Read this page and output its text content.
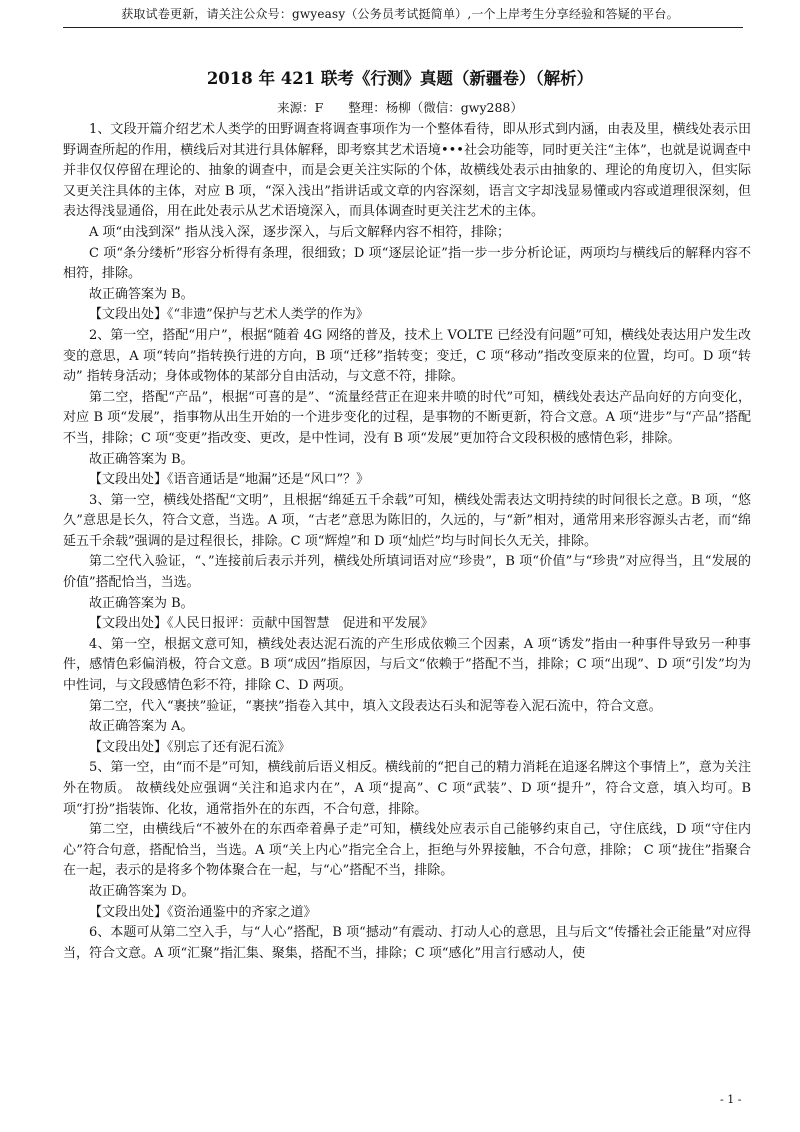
获取试卷更新，请关注公众号：gwyeasy（公务员考试挺简单）,一个上岸考生分享经验和答疑的平台。
2018 年 421 联考《行测》真题（新疆卷）（解析）
来源：F　　整理：杨柳（微信：gwy288）

1、文段开篇介绍艺术人类学的田野调查将调查事项作为一个整体看待，即从形式到内涵，由表及里，横线处表示田野调查所起的作用，横线后对其进行具体解释，即考察其艺术语境•••社会功能等，同时更关注“主体”，也就是说调查中并非仅仅停留在理论的、抽象的调查中，而是会更关注实际的个体，故横线处表示由抽象的、理论的角度切入，但实际又更关注具体的主体，对应 B 项，“深入浅出”指讲话或文章的内容深刻，语言文字却浅显易懂或内容或道理很深刻，但表达得浅显通俗，用在此处表示从艺术语境深入，而具体调查时更关注艺术的主体。

A 项“由浅到深” 指从浅入深，逐步深入，与后文解释内容不相符，排除；

C 项“条分缕析”形容分析得有条理，很细致；D 项“逐层论证”指一步一步分析论证，两项均与横线后的解释内容不相符，排除。

故正确答案为 B。

【文段出处】《“非遗”保护与艺术人类学的作为》

2、第一空，搭配“用户”，根据“随着 4G 网络的普及，技术上 VOLTE 已经没有问题”可知，横线处表达用户发生改变的意思，A 项“转向”指转换行进的方向，B 项“迁移”指转变；变迁，C 项“移动”指改变原来的位置，均可。D 项“转动” 指转身活动；身体或物体的某部分自由活动，与文意不符，排除。

第二空，搭配“产品”，根据“可喜的是”、“流量经营正在迎来井喷的时代”可知，横线处表达产品向好的方向变化，对应 B 项“发展”，指事物从出生开始的一个进步变化的过程，是事物的不断更新，符合文意。A 项“进步”与“产品”搭配不当，排除；C 项“变更”指改变、更改，是中性词，没有 B 项“发展”更加符合文段积极的感情色彩，排除。

故正确答案为 B。

【文段出处】《语音通话是“地漏”还是“风口”？》

3、第一空，横线处搭配“文明”，且根据“绵延五千余载”可知，横线处需表达文明持续的时间很长之意。B 项，“悠久”意思是长久，符合文意，当选。A 项，“古老”意思为陈旧的，久远的，与“新”相对，通常用来形容源头古老，而“绵延五千余载”强调的是过程很长，排除。C 项“辉煌”和 D 项“灿烂”均与时间长久无关，排除。

第二空代入验证，“、”连接前后表示并列，横线处所填词语对应“珍贵”，B 项“价值”与“珍贵”对应得当，且“发展的价值”搭配恰当，当选。

故正确答案为 B。

【文段出处】《人民日报评：贡献中国智慧　促进和平发展》

4、第一空，根据文意可知，横线处表达泥石流的产生形成依赖三个因素，A 项“诱发”指由一种事件导致另一种事件，感情色彩偏消极，符合文意。B 项“成因”指原因，与后文“依赖于”搭配不当，排除；C 项“出现”、D 项“引发”均为中性词，与文段感情色彩不符，排除 C、D 两项。

第二空，代入“裹挟”验证，“裹挟”指卷入其中，填入文段表达石头和泥等卷入泥石流中，符合文意。

故正确答案为 A。

【文段出处】《别忘了还有泥石流》

5、第一空，由“而不是”可知，横线前后语义相反。横线前的“把自己的精力消耗在追逐名牌这个事情上”，意为关注外在物质。 故横线处应强调“关注和追求内在”，A 项“提高”、C 项“武装”、D 项“提升”，符合文意，填入均可。B 项“打扮”指装饰、化妆，通常指外在的东西，不合句意，排除。

第二空，由横线后“不被外在的东西牵着鼻子走”可知，横线处应表示自己能够约束自己，守住底线，D 项“守住内心”符合句意，搭配恰当，当选。A 项“关上内心”指完全合上，拒绝与外界接触，不合句意，排除； C 项“拢住”指聚合在一起，表示的是将多个物体聚合在一起，与“心”搭配不当，排除。

故正确答案为 D。

【文段出处】《资治通鉴中的齐家之道》

6、本题可从第二空入手，与“人心”搭配，B 项“撼动”有震动、打动人心的意思，且与后文“传播社会正能量”对应得当，符合文意。A 项“汇聚”指汇集、聚集，搭配不当，排除；C 项“感化”用言行感动人，使

- 1 -
